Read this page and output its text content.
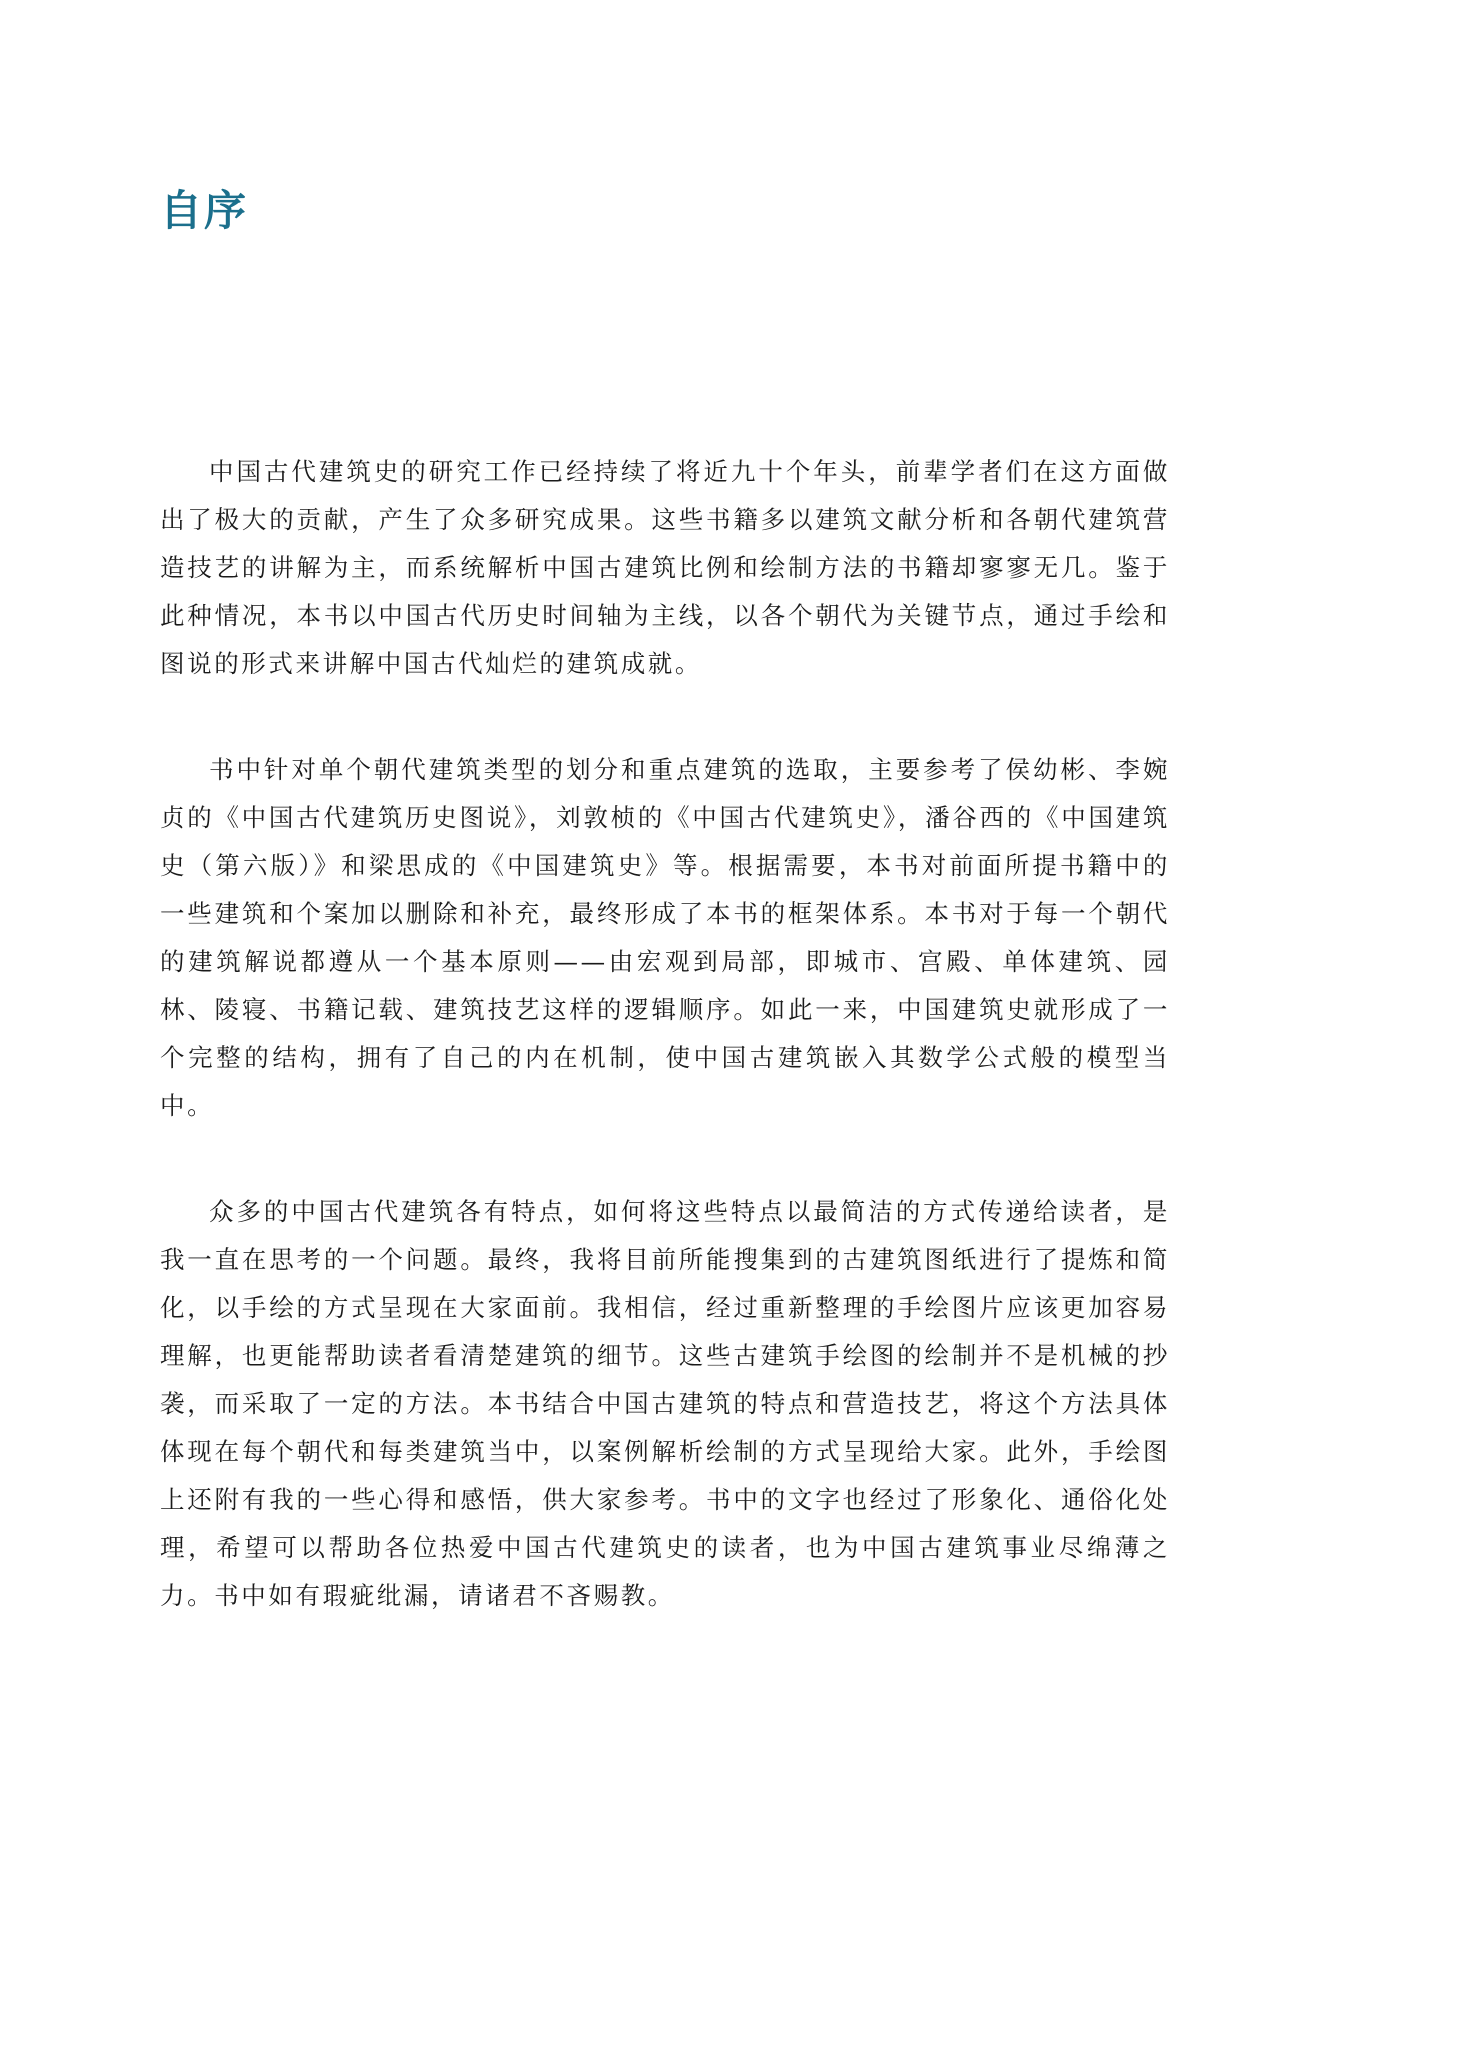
自序

中国古代建筑史的研究工作已经持续了将近九十个年头，前辈学者们在这方面做出了极大的贡献，产生了众多研究成果。这些书籍多以建筑文献分析和各朝代建筑营造技艺的讲解为主，而系统解析中国古建筑比例和绘制方法的书籍却寥寥无几。鉴于此种情况，本书以中国古代历史时间轴为主线，以各个朝代为关键节点，通过手绘和图说的形式来讲解中国古代灿烂的建筑成就。

书中针对单个朝代建筑类型的划分和重点建筑的选取，主要参考了侯幼彬、李婉贞的《中国古代建筑历史图说》，刘敦桢的《中国古代建筑史》，潘谷西的《中国建筑史（第六版）》和梁思成的《中国建筑史》等。根据需要，本书对前面所提书籍中的一些建筑和个案加以删除和补充，最终形成了本书的框架体系。本书对于每一个朝代的建筑解说都遵从一个基本原则——由宏观到局部，即城市、宫殿、单体建筑、园林、陵寝、书籍记载、建筑技艺这样的逻辑顺序。如此一来，中国建筑史就形成了一个完整的结构，拥有了自己的内在机制，使中国古建筑嵌入其数学公式般的模型当中。

众多的中国古代建筑各有特点，如何将这些特点以最简洁的方式传递给读者，是我一直在思考的一个问题。最终，我将目前所能搜集到的古建筑图纸进行了提炼和简化，以手绘的方式呈现在大家面前。我相信，经过重新整理的手绘图片应该更加容易理解，也更能帮助读者看清楚建筑的细节。这些古建筑手绘图的绘制并不是机械的抄袭，而采取了一定的方法。本书结合中国古建筑的特点和营造技艺，将这个方法具体体现在每个朝代和每类建筑当中，以案例解析绘制的方式呈现给大家。此外，手绘图上还附有我的一些心得和感悟，供大家参考。书中的文字也经过了形象化、通俗化处理，希望可以帮助各位热爱中国古代建筑史的读者，也为中国古建筑事业尽绵薄之力。书中如有瑕疵纰漏，请诸君不吝赐教。
